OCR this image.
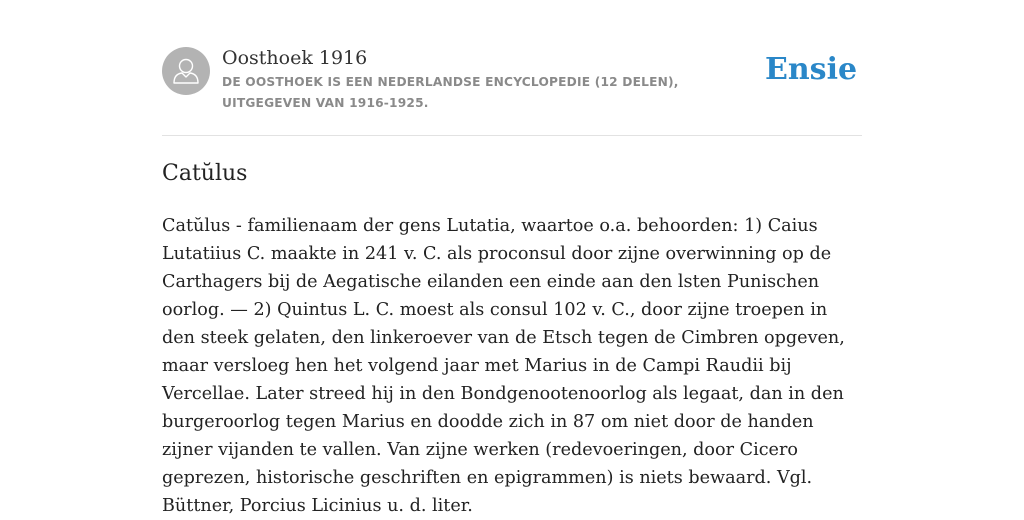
Oosthoek 1916
DE OOSTHOEK IS EEN NEDERLANDSE ENCYCLOPEDIE (12 DELEN), UITGEGEVEN VAN 1916-1925.
Ensie
Catŭlus

Catŭlus - familienaam der gens Lutatia, waartoe o.a. behoorden: 1) Caius Lutatiius C. maakte in 241 v. C. als proconsul door zijne overwinning op de Carthagers bij de Aegatische eilanden een einde aan den lsten Punischen oorlog. — 2) Quintus L. C. moest als consul 102 v. C., door zijne troepen in den steek gelaten, den linkeroever van de Etsch tegen de Cimbren opgeven, maar versloeg hen het volgend jaar met Marius in de Campi Raudii bij Vercellae. Later streed hij in den Bondgenootenoorlog als legaat, dan in den burgeroorlog tegen Marius en doodde zich in 87 om niet door de handen zijner vijanden te vallen. Van zijne werken (redevoeringen, door Cicero geprezen, historische geschriften en epigrammen) is niets bewaard. Vgl. Büttner, Porcius Licinius u. d. liter.
